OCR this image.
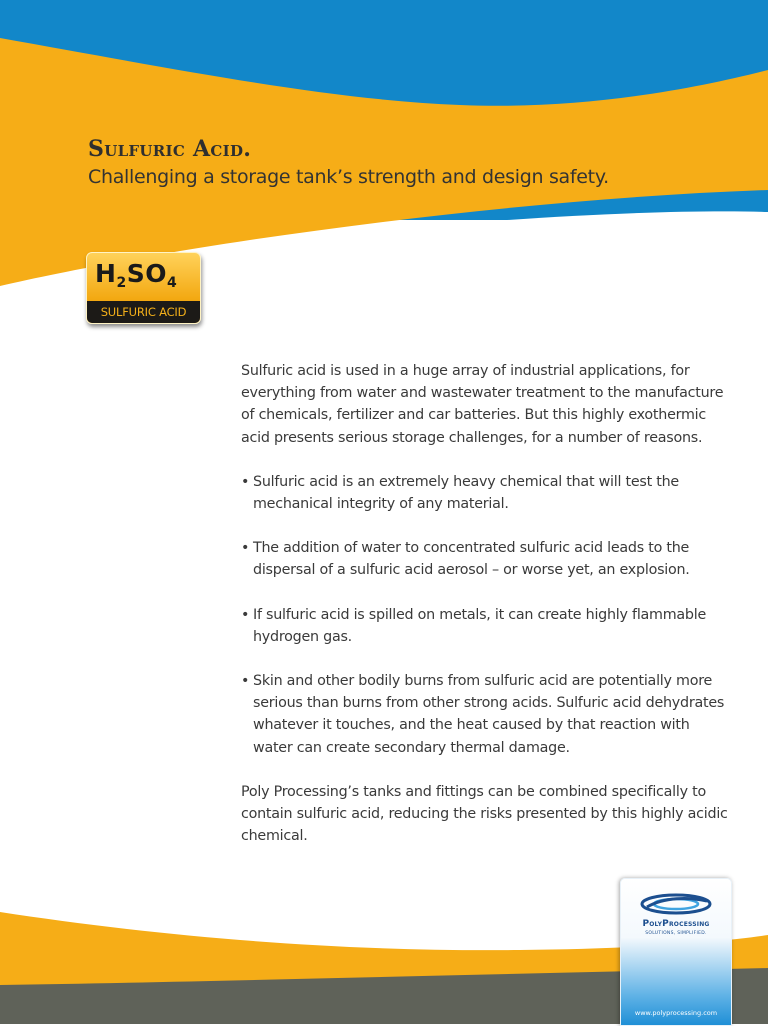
Sulfuric Acid.

Challenging a storage tank’s strength and design safety.

$H_2SO_4$
SULFURIC ACID

Sulfuric acid is used in a huge array of industrial applications, for everything from water and wastewater treatment to the manufacture of chemicals, fertilizer and car batteries. But this highly exothermic acid presents serious storage challenges, for a number of reasons.

• Sulfuric acid is an extremely heavy chemical that will test the mechanical integrity of any material.
• The addition of water to concentrated sulfuric acid leads to the dispersal of a sulfuric acid aerosol – or worse yet, an explosion.
• If sulfuric acid is spilled on metals, it can create highly flammable hydrogen gas.
• Skin and other bodily burns from sulfuric acid are potentially more serious than burns from other strong acids. Sulfuric acid dehydrates whatever it touches, and the heat caused by that reaction with water can create secondary thermal damage.

Poly Processing’s tanks and fittings can be combined specifically to contain sulfuric acid, reducing the risks presented by this highly acidic chemical.

PolyProcessing
SOLUTIONS, SIMPLIFIED.
www.polyprocessing.com
